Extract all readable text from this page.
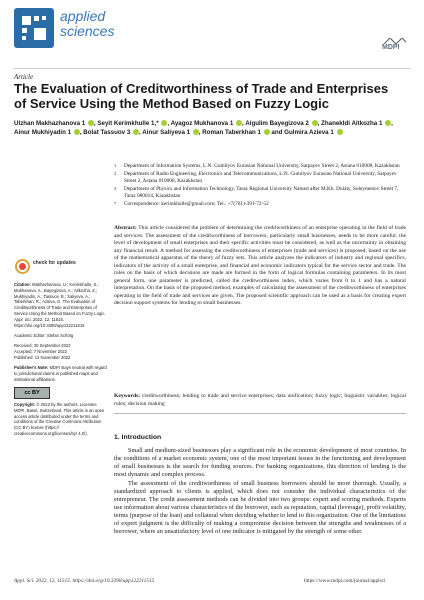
applied
sciences
MDPI
Article
The Evaluation of Creditworthiness of Trade and Enterprises of Service Using the Method Based on Fuzzy Logic
Ulzhan Makhazhanova 1 , Seyit Kerimkhulle 1,* , Ayagoz Mukhanova 1 , Aigulim Bayegizova 2 , Zhanekldi Aitkozha 1 , Ainur Mukhiyadin 1 , Bolat Tassuov 3 , Ainur Saliyeva 1 , Roman Taberkhan 1 and Gulmira Azieva 1
1 Department of Information Systems, L.N. Gumilyov Eurasian National University, Satpayev Street 2, Astana 010008, Kazakhstan
2 Department of Radio Engineering, Electronics and Telecommunications, L.N. Gumilyov Eurasian National University, Satpayev Street 2, Astana 010008, Kazakhstan
3 Department of Physics and Information Technology, Taraz Regional University Named after M.Kh. Dulaty, Suleymenov Street 7, Taraz 080014, Kazakhstan
* Correspondence: kerimkhulle@gmail.com; Tel.: +7(701)-391-72-52
check for updates

Citation: Makhazhanova, U.; Kerimkhulle, S.; Mukhanova, A.; Bayegizova, A.; Aitkozha, Z.; Mukhiyadin, A.; Tassuov, B.; Saliyeva, A.; Taberkhan, R.; Azieva, G. The Evaluation of Creditworthiness of Trade and Enterprises of Service Using the Method Based on Fuzzy Logic. Appl. Sci. 2022, 12, 11515. https://doi.org/10.3390/app122211515

Academic Editor: Stefan Schörg

Received: 30 September 2022
Accepted: 7 November 2022
Published: 13 November 2022

Publisher's Note: MDPI stays neutral with regard to jurisdictional claims in published maps and institutional affiliations.

cc BY

Copyright: © 2022 by the authors. Licensee MDPI, Basel, Switzerland. This article is an open access article distributed under the terms and conditions of the Creative Commons Attribution (CC BY) license (https:// creativecommons.org/licenses/by/ 4.0/).

Abstract: This article considered the problem of determining the creditworthiness of an enterprise operating in the field of trade and services. The assessment of the creditworthiness of borrowers, particularly small businesses, needs to be more careful: the level of development of small enterprises and their specific activities must be considered, as well as the uncertainty in obtaining any financial result. A method for assessing the creditworthiness of enterprises (trade and services) is proposed, based on the use of the mathematical apparatus of the theory of fuzzy sets. This article analyzes the indicators of industry and regional specifics, indicators of the activity of a small enterprise, and financial and economic indicators typical for the service sector and trade. The rules on the basis of which decisions are made are formed in the form of logical formulas containing parameters. In its most general form, one parameter is predicted, called the creditworthiness index, which varies from 0 to 1 and has a natural interpretation. On the basis of the proposed method, examples of calculating the assessment of the creditworthiness of enterprises operating in the field of trade and services are given. The proposed scientific approach can be used as a basis for creating expert decision support systems for lending to small businesses.
Keywords: creditworthiness; lending to trade and service enterprises; data unification; fuzzy logic; linguistic variables; logical rules; decision making
1. Introduction

Small and medium-sized businesses play a significant role in the economic development of most countries. In the conditions of a market economic system, one of the most important issues in the functioning and development of small businesses is the search for funding sources. For banking organizations, this direction of lending is the most dynamic and complex process.

The assessment of the creditworthiness of small business borrowers should be more thorough. Usually, a standardized approach to clients is applied, which does not consider the individual characteristics of the entrepreneur. The credit assessment methods can be divided into two groups: expert and scoring methods. Experts use information about various characteristics of the borrower, such as reputation, capital (leverage), profit volatility, terms (purpose of the loan) and collateral when deciding whether to lend to this organization. One of the limitations of expert judgment is the difficulty of making a compromise decision between the strengths and weaknesses of a borrower, where an unsatisfactory level of one indicator is mitigated by the strength of some other.

Appl. Sci. 2022, 12, 11515. https://doi.org/10.3390/app122211515	https://www.mdpi.com/journal/applsci
